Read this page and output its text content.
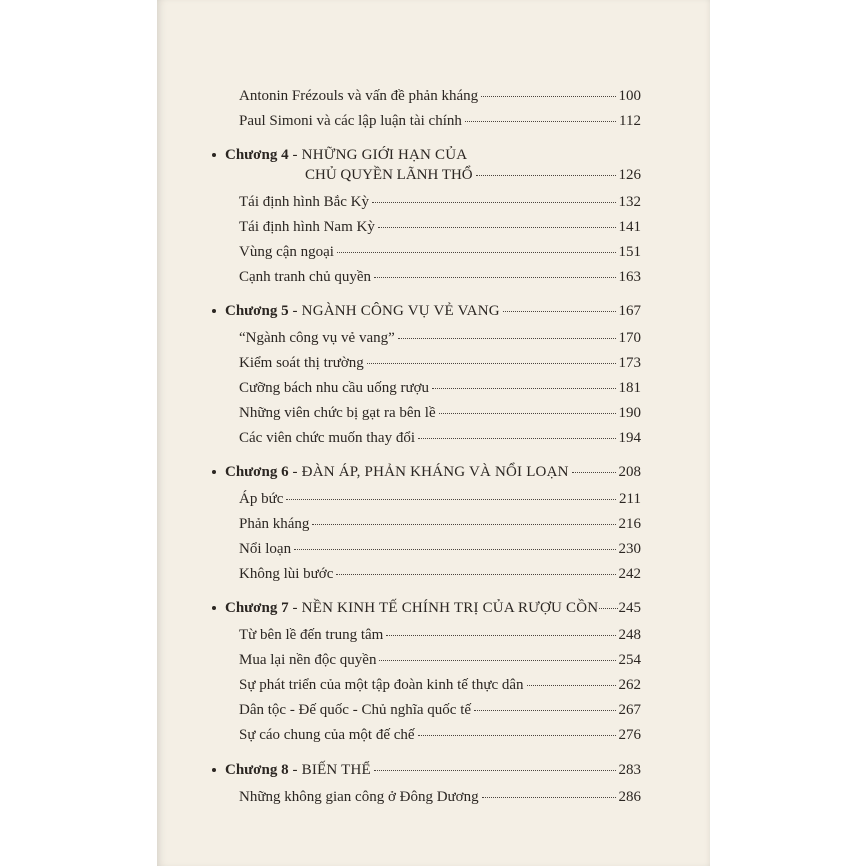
Antonin Frézouls và vấn đề phản kháng	100
Paul Simoni và các lập luận tài chính	112
Chương 4 - NHỮNG GIỚI HẠN CỦA
CHỦ QUYỀN LÃNH THỔ	126
Tái định hình Bắc Kỳ	132
Tái định hình Nam Kỳ	141
Vùng cận ngoại	151
Cạnh tranh chủ quyền	163
Chương 5 - NGÀNH CÔNG VỤ VẺ VANG	167
“Ngành công vụ vẻ vang”	170
Kiểm soát thị trường	173
Cưỡng bách nhu cầu uống rượu	181
Những viên chức bị gạt ra bên lề	190
Các viên chức muốn thay đổi	194
Chương 6 - ĐÀN ÁP, PHẢN KHÁNG VÀ NỔI LOẠN	208
Áp bức	211
Phản kháng	216
Nổi loạn	230
Không lùi bước	242
Chương 7 - NỀN KINH TẾ CHÍNH TRỊ CỦA RƯỢU CỒN 245
Từ bên lề đến trung tâm	248
Mua lại nền độc quyền	254
Sự phát triển của một tập đoàn kinh tế thực dân	262
Dân tộc - Đế quốc - Chủ nghĩa quốc tế	267
Sự cáo chung của một đế chế	276
Chương 8 - BIẾN THỂ	283
Những không gian công ở Đông Dương	286
